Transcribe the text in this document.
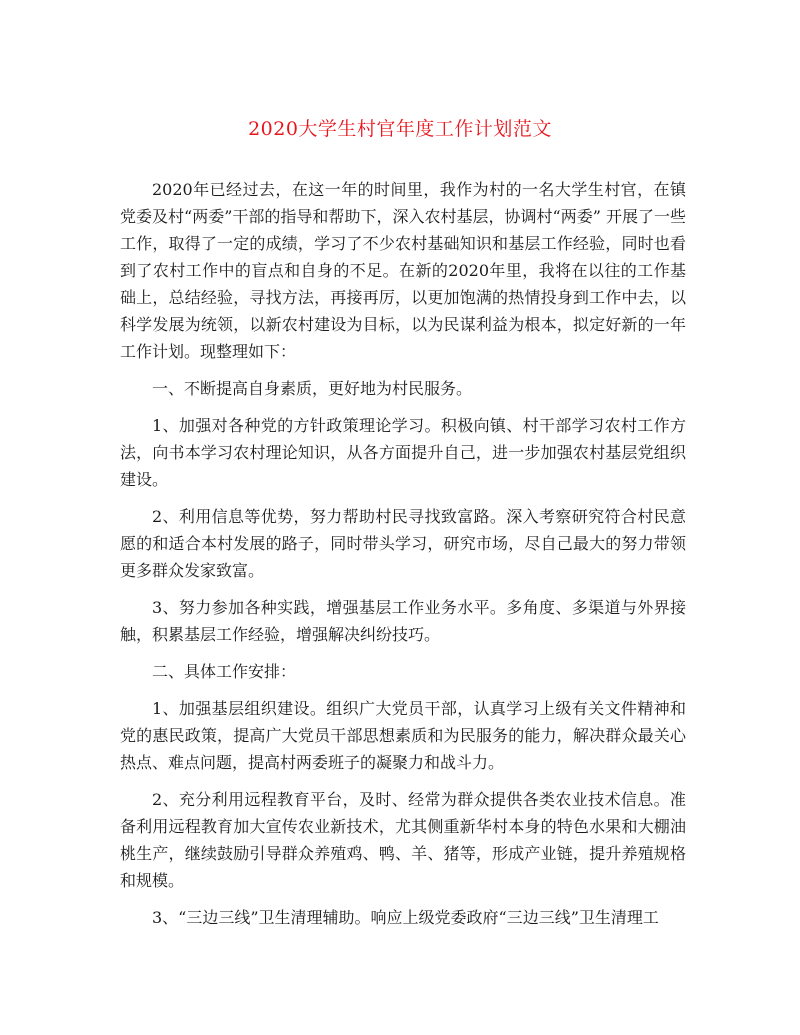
2020大学生村官年度工作计划范文

2020年已经过去，在这一年的时间里，我作为村的一名大学生村官，在镇党委及村“两委”干部的指导和帮助下，深入农村基层，协调村“两委” 开展了一些工作，取得了一定的成绩，学习了不少农村基础知识和基层工作经验，同时也看到了农村工作中的盲点和自身的不足。在新的2020年里，我将在以往的工作基础上，总结经验，寻找方法，再接再厉，以更加饱满的热情投身到工作中去，以科学发展为统领，以新农村建设为目标，以为民谋利益为根本，拟定好新的一年工作计划。现整理如下：

一、不断提高自身素质，更好地为村民服务。

1、加强对各种党的方针政策理论学习。积极向镇、村干部学习农村工作方法，向书本学习农村理论知识，从各方面提升自己，进一步加强农村基层党组织建设。

2、利用信息等优势，努力帮助村民寻找致富路。深入考察研究符合村民意愿的和适合本村发展的路子，同时带头学习，研究市场，尽自己最大的努力带领更多群众发家致富。

3、努力参加各种实践，增强基层工作业务水平。多角度、多渠道与外界接触，积累基层工作经验，增强解决纠纷技巧。

二、具体工作安排：

1、加强基层组织建设。组织广大党员干部，认真学习上级有关文件精神和党的惠民政策，提高广大党员干部思想素质和为民服务的能力，解决群众最关心热点、难点问题，提高村两委班子的凝聚力和战斗力。

2、充分利用远程教育平台，及时、经常为群众提供各类农业技术信息。准备利用远程教育加大宣传农业新技术，尤其侧重新华村本身的特色水果和大棚油桃生产，继续鼓励引导群众养殖鸡、鸭、羊、猪等，形成产业链，提升养殖规格和规模。

3、“三边三线”卫生清理辅助。响应上级党委政府“三边三线”卫生清理工
